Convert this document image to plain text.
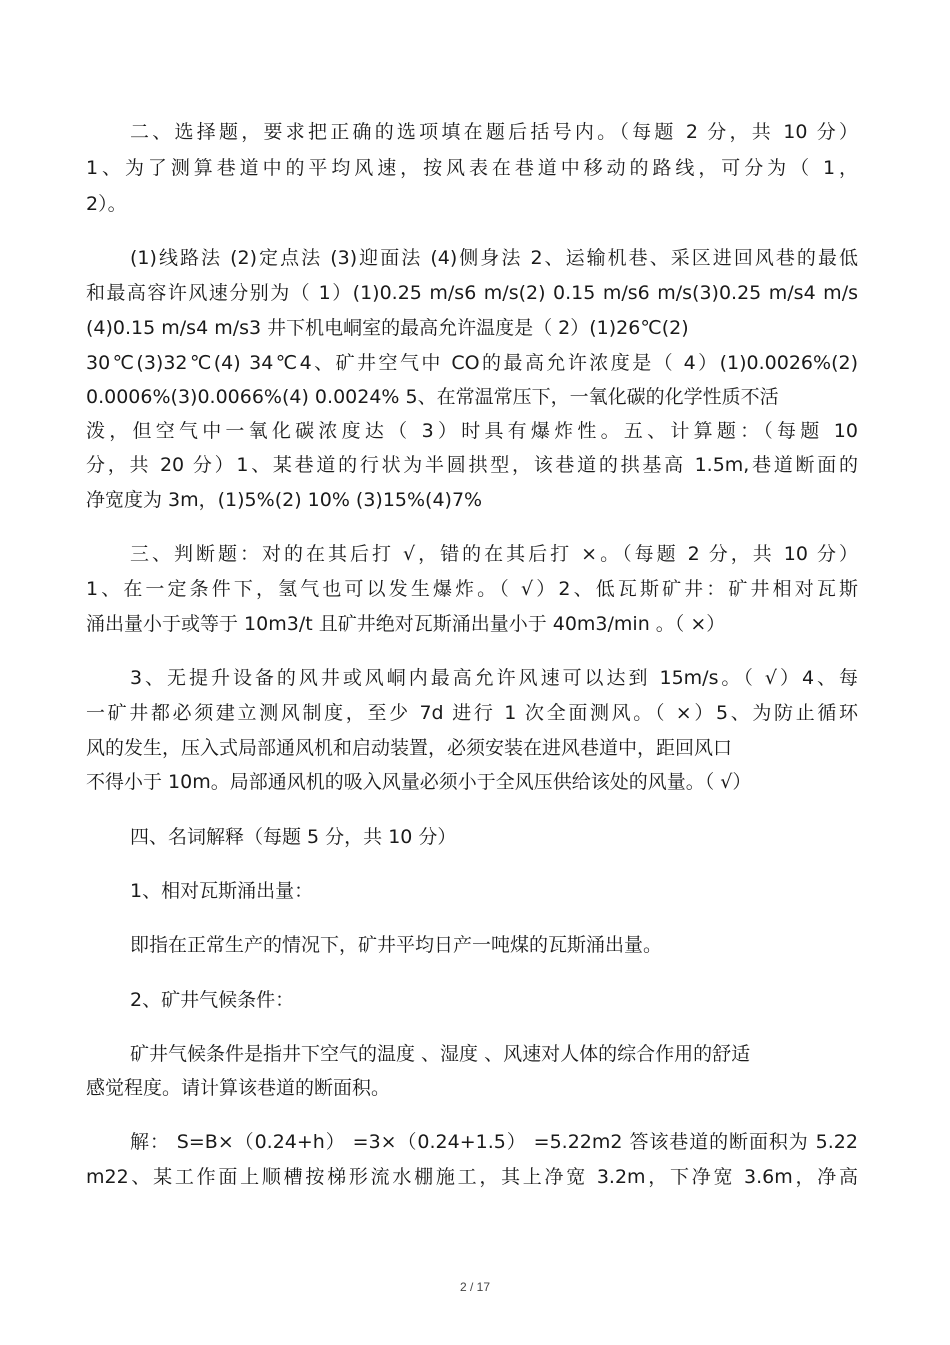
二、选择题，要求把正确的选项填在题后括号内。（每题 2 分，共 10 分）
1、为了测算巷道中的平均风速，按风表在巷道中移动的路线，可分为（ 1，
2）。
(1)线路法 (2)定点法 (3)迎面法 (4)侧身法 2、运输机巷、采区进回风巷的最低
和最高容许风速分别为（ 1）(1)0.25 m/s6 m/s(2) 0.15 m/s6 m/s(3)0.25 m/s4 m/s
(4)0.15 m/s4 m/s3 井下机电峒室的最高允许温度是（ 2）(1)26℃(2)
30℃(3)32℃(4) 34℃4、矿井空气中 CO的最高允许浓度是（ 4）(1)0.0026%(2)
0.0006%(3)0.0066%(4) 0.0024% 5、在常温常压下，一氧化碳的化学性质不活
泼，但空气中一氧化碳浓度达（ 3）时具有爆炸性。五、计算题：（每题 10
分，共 20 分）1、某巷道的行状为半圆拱型，该巷道的拱基高 1.5m,巷道断面的
净宽度为 3m，(1)5%(2) 10% (3)15%(4)7%
三、判断题：对的在其后打 √，错的在其后打 ×。（每题 2 分，共 10 分）
1、在一定条件下，氢气也可以发生爆炸。（ √）2、低瓦斯矿井：矿井相对瓦斯
涌出量小于或等于 10m3/t 且矿井绝对瓦斯涌出量小于 40m3/min 。（ ×）
3、无提升设备的风井或风峒内最高允许风速可以达到 15m/s。（ √）4、每
一矿井都必须建立测风制度，至少 7d 进行 1 次全面测风。（ ×）5、为防止循环
风的发生，压入式局部通风机和启动装置，必须安装在进风巷道中，距回风口
不得小于 10m。局部通风机的吸入风量必须小于全风压供给该处的风量。（ √）
四、名词解释（每题 5 分，共 10 分）
1、相对瓦斯涌出量：
即指在正常生产的情况下，矿井平均日产一吨煤的瓦斯涌出量。
2、矿井气候条件：
矿井气候条件是指井下空气的温度 、湿度 、风速对人体的综合作用的舒适
感觉程度。请计算该巷道的断面积。
解： S=B×（0.24+h） =3×（0.24+1.5） =5.22m2 答该巷道的断面积为 5.22
m22、某工作面上顺槽按梯形流水棚施工，其上净宽 3.2m，下净宽 3.6m，净高
2 / 17
